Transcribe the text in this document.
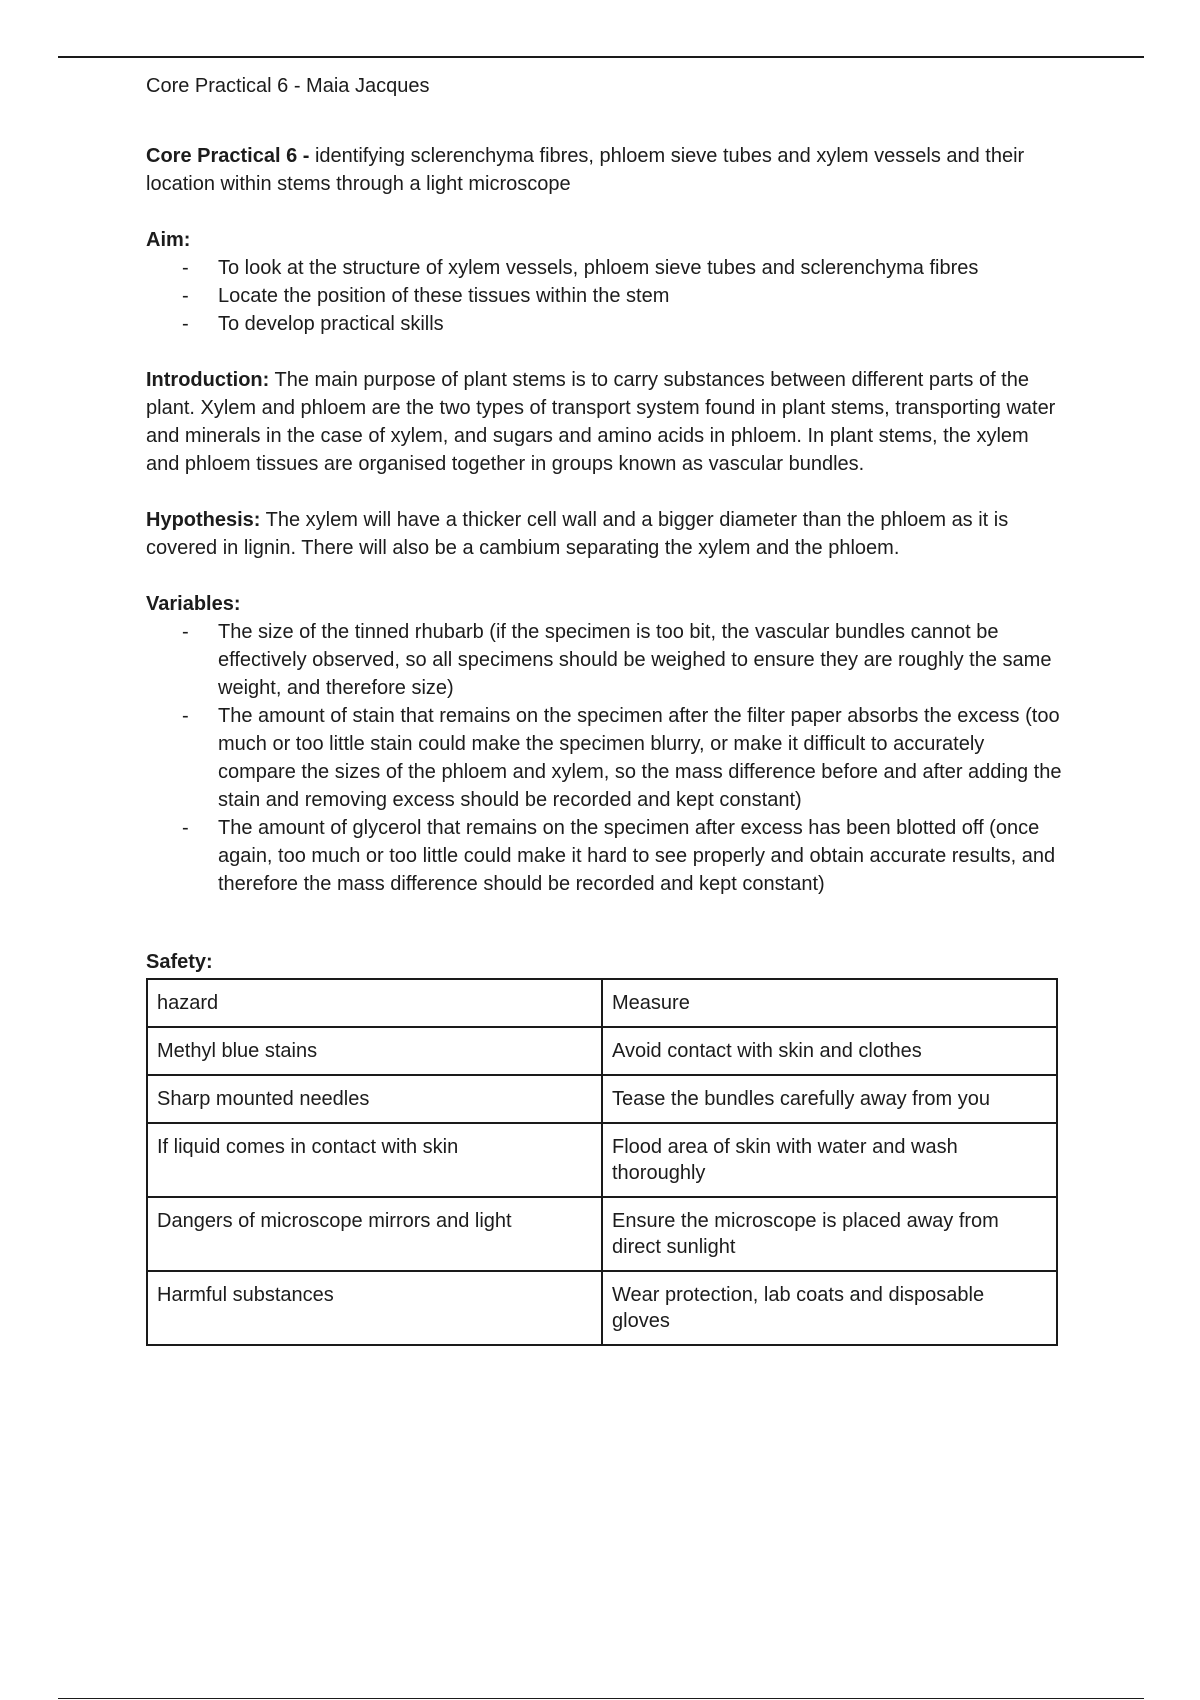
Core Practical 6 - Maia Jacques

Core Practical 6 - identifying sclerenchyma fibres, phloem sieve tubes and xylem vessels and their location within stems through a light microscope

Aim:

- To look at the structure of xylem vessels, phloem sieve tubes and sclerenchyma fibres
- Locate the position of these tissues within the stem
- To develop practical skills

Introduction: The main purpose of plant stems is to carry substances between different parts of the plant. Xylem and phloem are the two types of transport system found in plant stems, transporting water and minerals in the case of xylem, and sugars and amino acids in phloem. In plant stems, the xylem and phloem tissues are organised together in groups known as vascular bundles.

Hypothesis: The xylem will have a thicker cell wall and a bigger diameter than the phloem as it is covered in lignin. There will also be a cambium separating the xylem and the phloem.

Variables:

- The size of the tinned rhubarb (if the specimen is too bit, the vascular bundles cannot be effectively observed, so all specimens should be weighed to ensure they are roughly the same weight, and therefore size)
- The amount of stain that remains on the specimen after the filter paper absorbs the excess (too much or too little stain could make the specimen blurry, or make it difficult to accurately compare the sizes of the phloem and xylem, so the mass difference before and after adding the stain and removing excess should be recorded and kept constant)
- The amount of glycerol that remains on the specimen after excess has been blotted off (once again, too much or too little could make it hard to see properly and obtain accurate results, and therefore the mass difference should be recorded and kept constant)

Safety:

hazard	Measure
Methyl blue stains	Avoid contact with skin and clothes
Sharp mounted needles	Tease the bundles carefully away from you
If liquid comes in contact with skin	Flood area of skin with water and wash thoroughly
Dangers of microscope mirrors and light	Ensure the microscope is placed away from direct sunlight
Harmful substances	Wear protection, lab coats and disposable gloves
